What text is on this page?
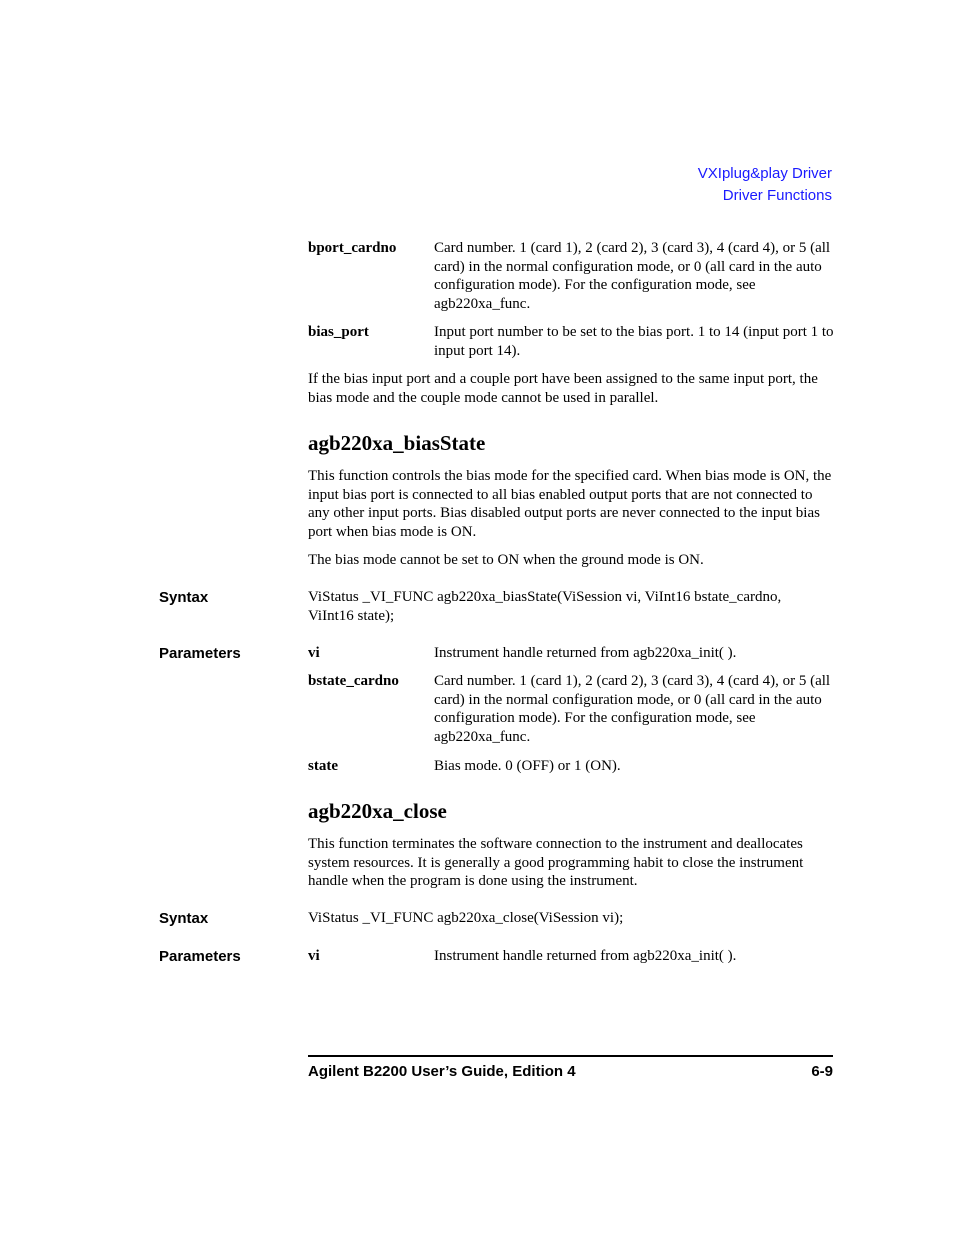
VXIplug&play Driver
Driver Functions
bport_cardno	Card number. 1 (card 1), 2 (card 2), 3 (card 3), 4 (card 4), or 5 (all card) in the normal configuration mode, or 0 (all card in the auto configuration mode). For the configuration mode, see agb220xa_func.
bias_port	Input port number to be set to the bias port. 1 to 14 (input port 1 to input port 14).
If the bias input port and a couple port have been assigned to the same input port, the bias mode and the couple mode cannot be used in parallel.
agb220xa_biasState
This function controls the bias mode for the specified card. When bias mode is ON, the input bias port is connected to all bias enabled output ports that are not connected to any other input ports. Bias disabled output ports are never connected to the input bias port when bias mode is ON.
The bias mode cannot be set to ON when the ground mode is ON.
Syntax	ViStatus _VI_FUNC agb220xa_biasState(ViSession vi, ViInt16 bstate_cardno, ViInt16 state);
Parameters	vi	Instrument handle returned from agb220xa_init( ).
bstate_cardno Card number. 1 (card 1), 2 (card 2), 3 (card 3), 4 (card 4), or 5 (all card) in the normal configuration mode, or 0 (all card in the auto configuration mode). For the configuration mode, see agb220xa_func.
state	Bias mode. 0 (OFF) or 1 (ON).
agb220xa_close
This function terminates the software connection to the instrument and deallocates system resources. It is generally a good programming habit to close the instrument handle when the program is done using the instrument.
Syntax	ViStatus _VI_FUNC agb220xa_close(ViSession vi);
Parameters	vi	Instrument handle returned from agb220xa_init( ).
Agilent B2200 User’s Guide, Edition 4	6-9
